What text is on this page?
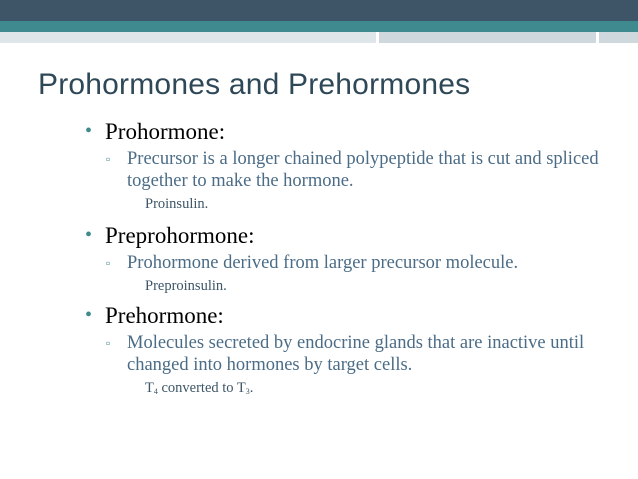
Prohormones and Prehormones
• Prohormone:
▫ Precursor is a longer chained polypeptide that is cut and spliced together to make the hormone.
Proinsulin.
• Preprohormone:
▫ Prohormone derived from larger precursor molecule.
Preproinsulin.
• Prehormone:
▫ Molecules secreted by endocrine glands that are inactive until changed into hormones by target cells.
T4 converted to T3.
